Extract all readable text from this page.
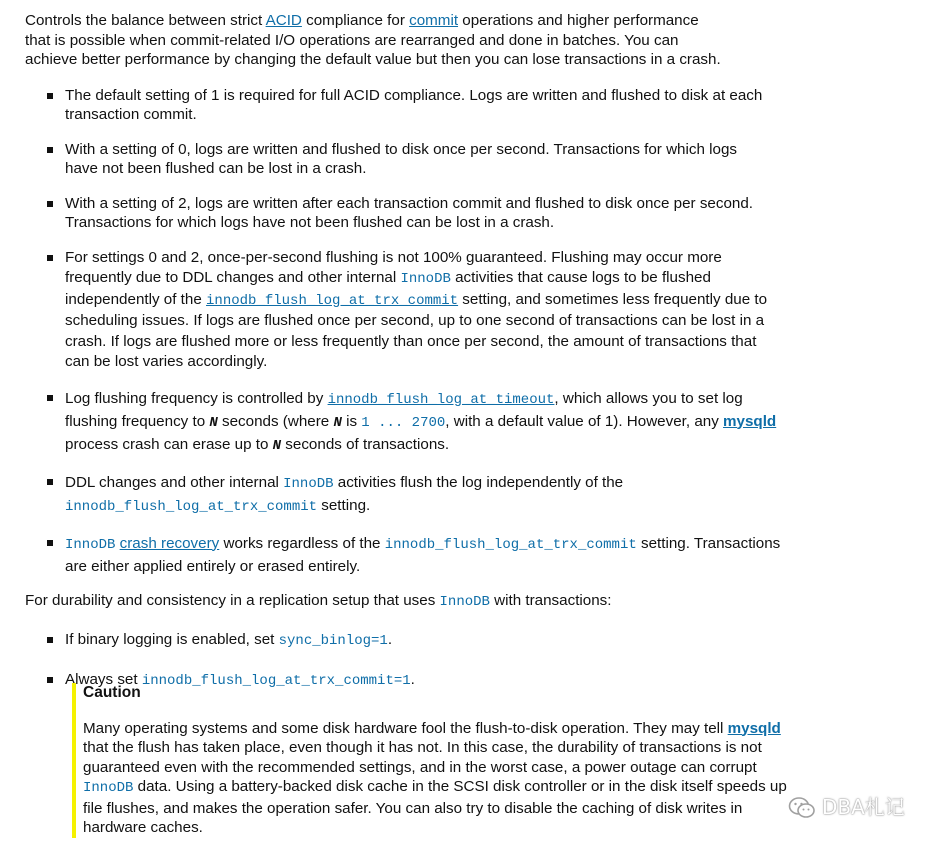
Controls the balance between strict ACID compliance for commit operations and higher performance that is possible when commit-related I/O operations are rearranged and done in batches. You can achieve better performance by changing the default value but then you can lose transactions in a crash.

The default setting of 1 is required for full ACID compliance. Logs are written and flushed to disk at each transaction commit.
With a setting of 0, logs are written and flushed to disk once per second. Transactions for which logs have not been flushed can be lost in a crash.
With a setting of 2, logs are written after each transaction commit and flushed to disk once per second. Transactions for which logs have not been flushed can be lost in a crash.
For settings 0 and 2, once-per-second flushing is not 100% guaranteed. Flushing may occur more frequently due to DDL changes and other internal InnoDB activities that cause logs to be flushed independently of the innodb_flush_log_at_trx_commit setting, and sometimes less frequently due to scheduling issues. If logs are flushed once per second, up to one second of transactions can be lost in a crash. If logs are flushed more or less frequently than once per second, the amount of transactions that can be lost varies accordingly.
Log flushing frequency is controlled by innodb_flush_log_at_timeout, which allows you to set log flushing frequency to N seconds (where N is 1 ... 2700, with a default value of 1). However, any mysqld process crash can erase up to N seconds of transactions.
DDL changes and other internal InnoDB activities flush the log independently of the innodb_flush_log_at_trx_commit setting.
InnoDB crash recovery works regardless of the innodb_flush_log_at_trx_commit setting. Transactions are either applied entirely or erased entirely.

For durability and consistency in a replication setup that uses InnoDB with transactions:

If binary logging is enabled, set sync_binlog=1.
Always set innodb_flush_log_at_trx_commit=1.

Caution

Many operating systems and some disk hardware fool the flush-to-disk operation. They may tell mysqld that the flush has taken place, even though it has not. In this case, the durability of transactions is not guaranteed even with the recommended settings, and in the worst case, a power outage can corrupt InnoDB data. Using a battery-backed disk cache in the SCSI disk controller or in the disk itself speeds up file flushes, and makes the operation safer. You can also try to disable the caching of disk writes in hardware caches.

DBA札记
